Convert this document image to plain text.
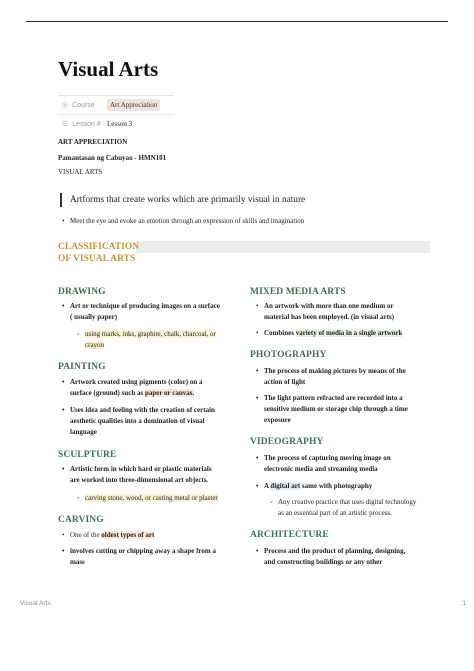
Visual Arts
◎ Course	Art Appreciation
☰ Lesson # Lesson 3
ART APPRECIATION
Pamantasan ng Cabuyao - HMN101
VISUAL ARTS
Artforms that create works which are primarily visual in nature
• Meet the eye and evoke an emotion through an expression of skills and imagination
CLASSIFICATION OF VISUAL ARTS
DRAWING
• Art or technique of producing images on a surface
( usually paper)
◦ using marks, inks, graphite, chalk, charcoal, or
crayon
PAINTING
• Artwork created using pigments (color) on a
surface (ground) such as paper or canvas.
• Uses idea and feeling with the creation of certain
aesthetic qualities into a domination of visual
language
SCULPTURE
• Artistic form in which hard or plastic materials
are worked into three-dimensional art objects.
◦ carving stone, wood, or casting metal or plaster
CARVING
• One of the oldest types of art
• involves cutting or chipping away a shape from a
mass
MIXED MEDIA ARTS
• An artwork with more than one medium or
material has been employed. (in visual arts)
• Combines variety of media in a single artwork
PHOTOGRAPHY
• The process of making pictures by means of the
action of light
• The light pattern refracted are recorded into a
sensitive medium or storage chip through a time
exposure
VIDEOGRAPHY
• The process of capturing moving image on
electronic media and streaming media
• A digital art same with photography
◦ Any creative practice that uses digital technology
as an essential part of an artistic process.
ARCHITECTURE
• Process and the product of planning, designing,
and constructing buildings or any other
Visual Arts	1
